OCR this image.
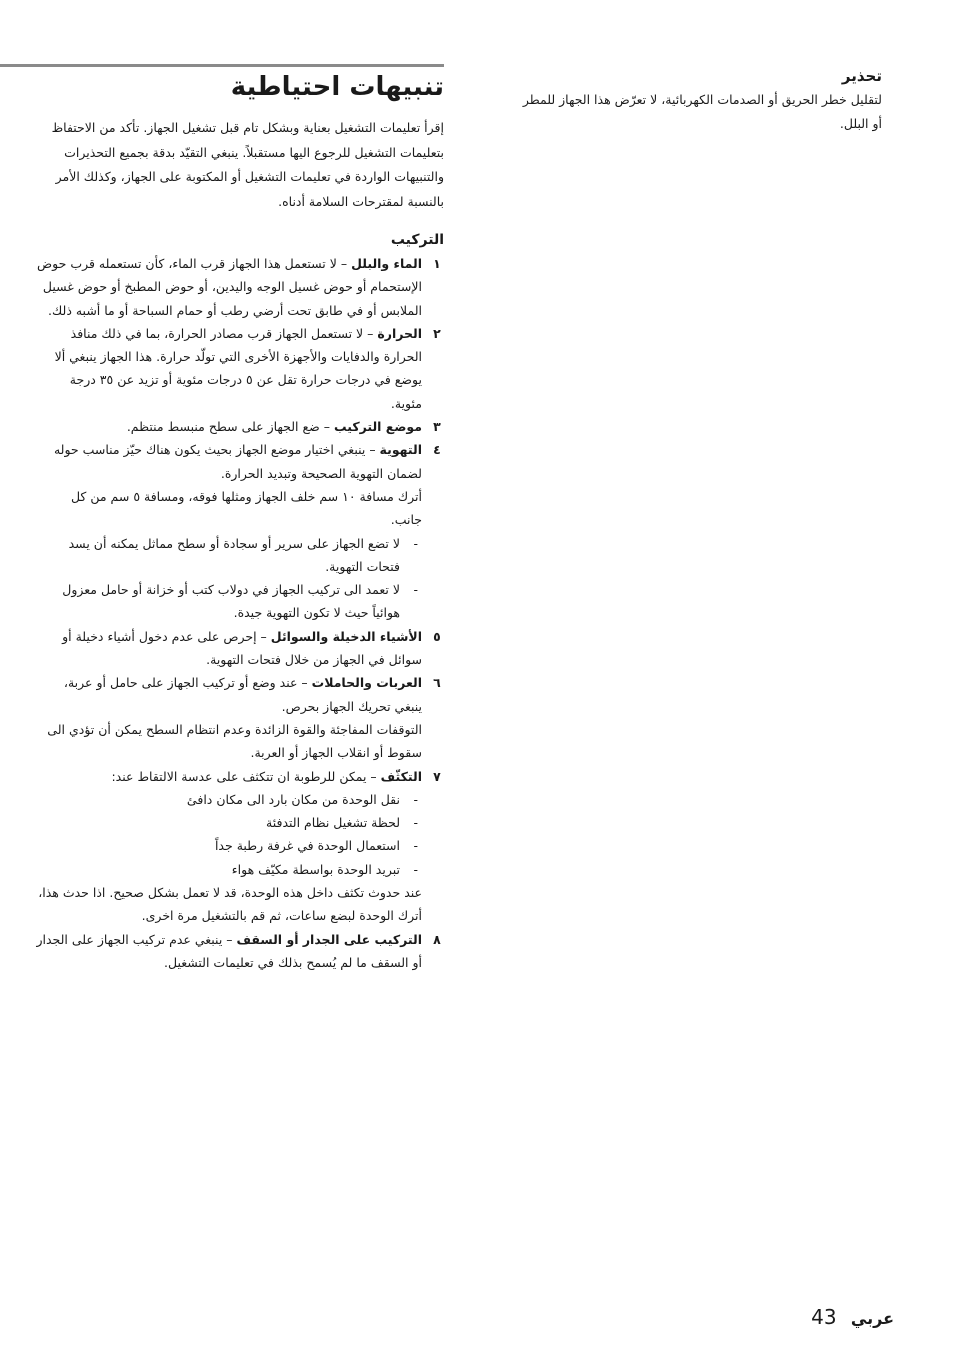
تحذير
لتقليل خطر الحريق أو الصدمات الكهربائية، لا تعرّض هذا الجهاز للمطر أو البلل.
تنبيهات احتياطية
إقرأ تعليمات التشغيل بعناية وبشكل تام قبل تشغيل الجهاز. تأكد من الاحتفاظ بتعليمات التشغيل للرجوع اليها مستقبلاً. ينبغي التقيّد بدقة بجميع التحذيرات والتنبيهات الواردة في تعليمات التشغيل أو المكتوبة على الجهاز، وكذلك الأمر بالنسبة لمقترحات السلامة أدناه.
التركيب
١
الماء والبلل – لا تستعمل هذا الجهاز قرب الماء، كأن تستعمله قرب حوض الإستحمام أو حوض غسيل الوجه واليدين، أو حوض المطبخ أو حوض غسيل الملابس أو في طابق تحت أرضي رطب أو حمام السباحة أو ما أشبه ذلك.
٢
الحرارة – لا تستعمل الجهاز قرب مصادر الحرارة، بما في ذلك منافذ الحرارة والدفايات والأجهزة الأخرى التي تولّد حرارة. هذا الجهاز ينبغي ألا يوضع في درجات حرارة تقل عن ٥ درجات مئوية أو تزيد عن ٣٥ درجة مئوية.
٣
موضع التركيب – ضع الجهاز على سطح منبسط منتظم.
٤
التهوية – ينبغي اختيار موضع الجهاز بحيث يكون هناك حيّز مناسب حوله لضمان التهوية الصحيحة وتبديد الحرارة.
أترك مسافة ١٠ سم خلف الجهاز ومثلها فوقه، ومسافة ٥ سم من كل جانب.
-
لا تضع الجهاز على سرير أو سجادة أو سطح مماثل يمكنه أن يسد فتحات التهوية.
-
لا تعمد الى تركيب الجهاز في دولاب كتب أو خزانة أو حامل معزول هوائياً حيث لا تكون التهوية جيدة.
٥
الأشياء الدخيلة والسوائل – إحرص على عدم دخول أشياء دخيلة أو سوائل في الجهاز من خلال فتحات التهوية.
٦
العربات والحاملات – عند وضع أو تركيب الجهاز على حامل أو عربة، ينبغي تحريك الجهاز بحرص.
التوقفات المفاجئة والقوة الزائدة وعدم انتظام السطح يمكن أن تؤدي الى سقوط أو انقلاب الجهاز أو العربة.
٧
التكثّف – يمكن للرطوبة ان تتكثف على عدسة الالتقاط عند:
-
نقل الوحدة من مكان بارد الى مكان دافئ
-
لحظة تشغيل نظام التدفئة
-
استعمال الوحدة في غرفة رطبة جداً
-
تبريد الوحدة بواسطة مكيّف هواء
عند حدوث تكثف داخل هذه الوحدة، قد لا تعمل بشكل صحيح. اذا حدث هذا، أترك الوحدة لبضع ساعات، ثم قم بالتشغيل مرة اخرى.
٨
التركيب على الجدار أو السقف – ينبغي عدم تركيب الجهاز على الجدار أو السقف ما لم يُسمح بذلك في تعليمات التشغيل.
43 عربي
